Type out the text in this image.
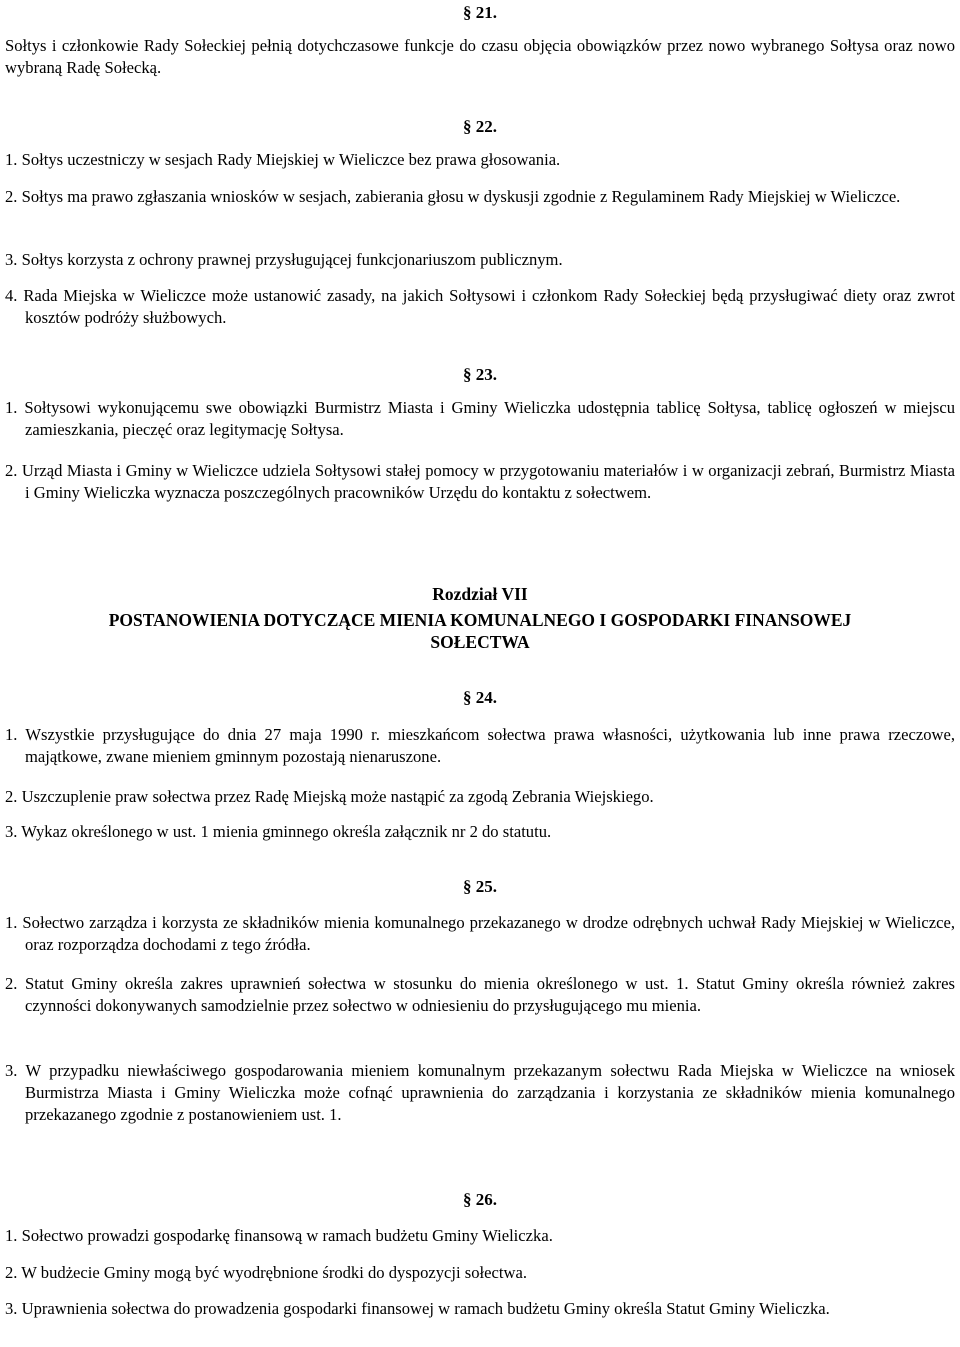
§ 21.
Sołtys i członkowie Rady Sołeckiej pełnią dotychczasowe funkcje do czasu objęcia obowiązków przez nowo wybranego Sołtysa oraz nowo wybraną Radę Sołecką.
§ 22.
1. Sołtys uczestniczy w sesjach Rady Miejskiej w Wieliczce bez prawa głosowania.
2. Sołtys ma prawo zgłaszania wniosków w sesjach, zabierania głosu w dyskusji zgodnie z Regulaminem Rady Miejskiej w Wieliczce.
3. Sołtys korzysta z ochrony prawnej przysługującej funkcjonariuszom publicznym.
4. Rada Miejska w Wieliczce może ustanowić zasady, na jakich Sołtysowi i członkom Rady Sołeckiej będą przysługiwać diety oraz zwrot kosztów podróży służbowych.
§ 23.
1. Sołtysowi wykonującemu swe obowiązki Burmistrz Miasta i Gminy Wieliczka udostępnia tablicę Sołtysa, tablicę ogłoszeń w miejscu zamieszkania, pieczęć oraz legitymację Sołtysa.
2. Urząd Miasta i Gminy w Wieliczce udziela Sołtysowi stałej pomocy w przygotowaniu materiałów i w organizacji zebrań, Burmistrz Miasta i Gminy Wieliczka wyznacza poszczególnych pracowników Urzędu do kontaktu z sołectwem.
Rozdział VII
POSTANOWIENIA DOTYCZĄCE MIENIA KOMUNALNEGO I GOSPODARKI FINANSOWEJ SOŁECTWA
§ 24.
1. Wszystkie przysługujące do dnia 27 maja 1990 r. mieszkańcom sołectwa prawa własności, użytkowania lub inne prawa rzeczowe, majątkowe, zwane mieniem gminnym pozostają nienaruszone.
2. Uszczuplenie praw sołectwa przez Radę Miejską może nastąpić za zgodą Zebrania Wiejskiego.
3. Wykaz określonego w ust. 1 mienia gminnego określa załącznik nr 2 do statutu.
§ 25.
1. Sołectwo zarządza i korzysta ze składników mienia komunalnego przekazanego w drodze odrębnych uchwał Rady Miejskiej w Wieliczce, oraz rozporządza dochodami z tego źródła.
2. Statut Gminy określa zakres uprawnień sołectwa w stosunku do mienia określonego w ust. 1. Statut Gminy określa również zakres czynności dokonywanych samodzielnie przez sołectwo w odniesieniu do przysługującego mu mienia.
3. W przypadku niewłaściwego gospodarowania mieniem komunalnym przekazanym sołectwu Rada Miejska w Wieliczce na wniosek Burmistrza Miasta i Gminy Wieliczka może cofnąć uprawnienia do zarządzania i korzystania ze składników mienia komunalnego przekazanego zgodnie z postanowieniem ust. 1.
§ 26.
1. Sołectwo prowadzi gospodarkę finansową w ramach budżetu Gminy Wieliczka.
2. W budżecie Gminy mogą być wyodrębnione środki do dyspozycji sołectwa.
3. Uprawnienia sołectwa do prowadzenia gospodarki finansowej w ramach budżetu Gminy określa Statut Gminy Wieliczka.
